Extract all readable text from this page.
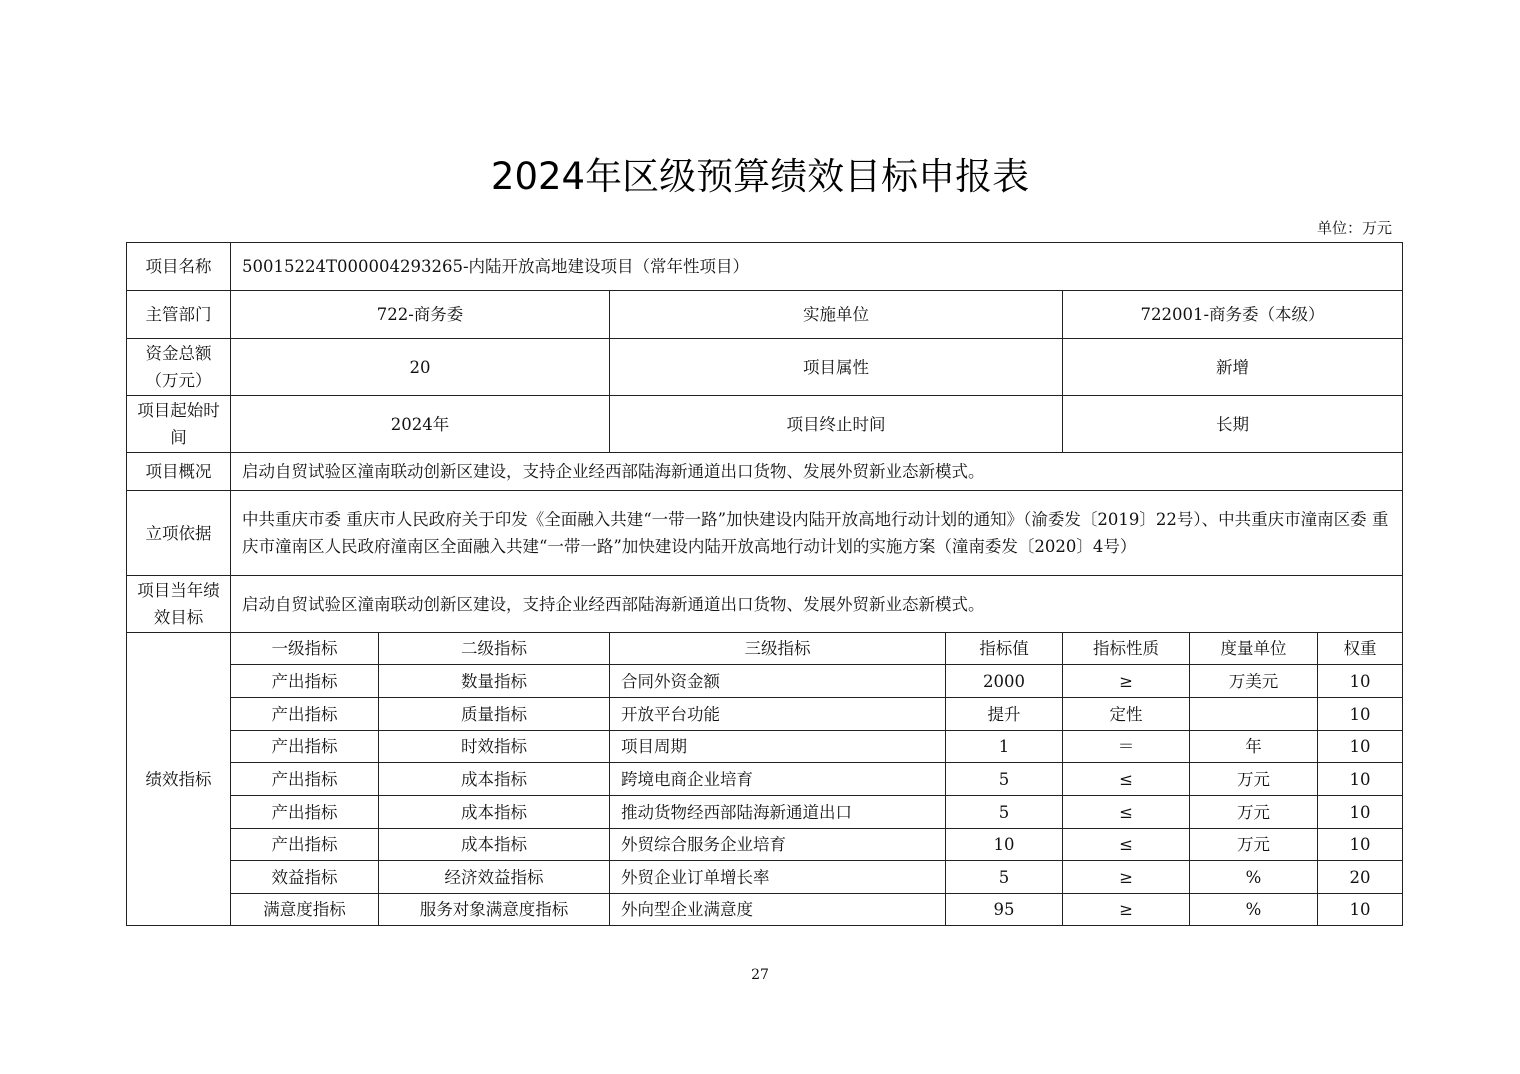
2024年区级预算绩效目标申报表
单位：万元
项目名称	50015224T000004293265-内陆开放高地建设项目（常年性项目）						
主管部门	722-商务委		实施单位		722001-商务委（本级）		
资金总额（万元）	20		项目属性		新增		
项目起始时间	2024年		项目终止时间		长期		
项目概况	启动自贸试验区潼南联动创新区建设，支持企业经西部陆海新通道出口货物、发展外贸新业态新模式。						
立项依据	中共重庆市委 重庆市人民政府关于印发《全面融入共建“一带一路”加快建设内陆开放高地行动计划的通知》（渝委发〔2019〕22号）、中共重庆市潼南区委 重庆市潼南区人民政府潼南区全面融入共建“一带一路”加快建设内陆开放高地行动计划的实施方案（潼南委发〔2020〕4号）						
项目当年绩效目标	启动自贸试验区潼南联动创新区建设，支持企业经西部陆海新通道出口货物、发展外贸新业态新模式。						
绩效指标	一级指标	二级指标	三级指标	指标值	指标性质	度量单位	权重
	产出指标	数量指标	合同外资金额	2000	≥	万美元	10
	产出指标	质量指标	开放平台功能	提升	定性		10
	产出指标	时效指标	项目周期	1	＝	年	10
	产出指标	成本指标	跨境电商企业培育	5	≤	万元	10
	产出指标	成本指标	推动货物经西部陆海新通道出口	5	≤	万元	10
	产出指标	成本指标	外贸综合服务企业培育	10	≤	万元	10
	效益指标	经济效益指标	外贸企业订单增长率	5	≥	%	20
	满意度指标	服务对象满意度指标	外向型企业满意度	95	≥	%	10
27
